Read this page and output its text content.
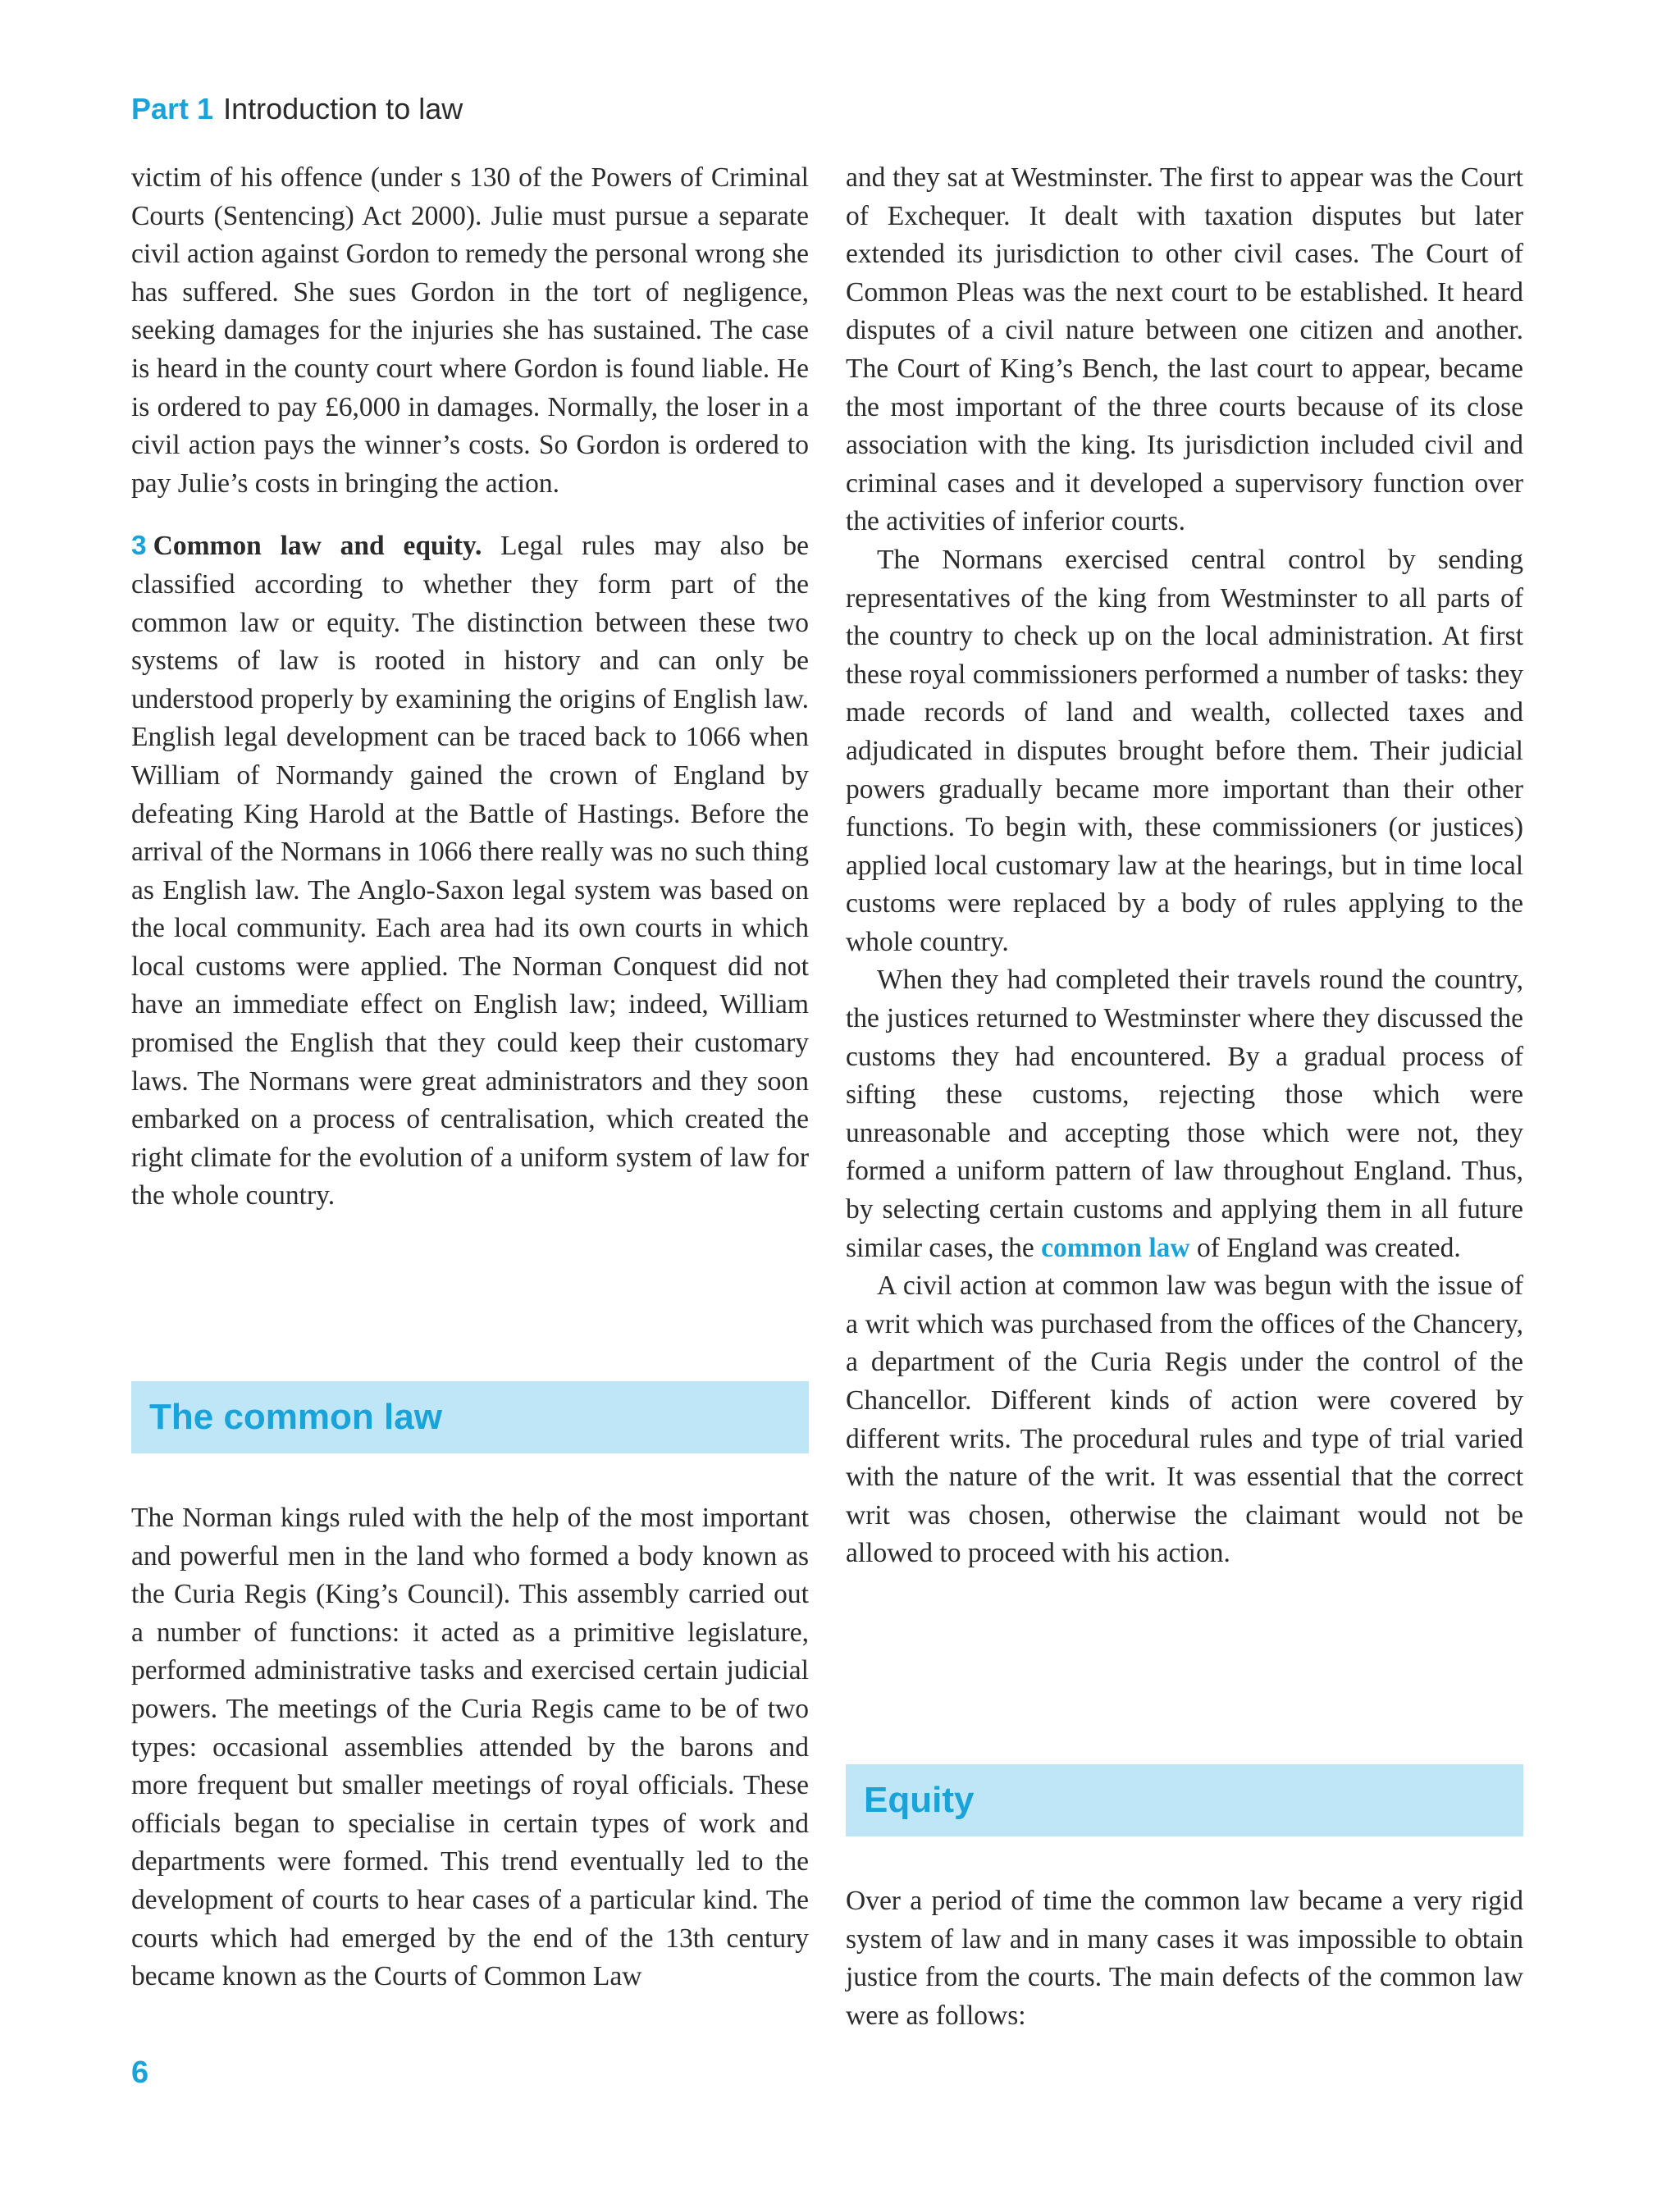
Part 1 Introduction to law

victim of his offence (under s 130 of the Powers of Criminal Courts (Sentencing) Act 2000). Julie must pursue a separate civil action against Gordon to remedy the personal wrong she has suffered. She sues Gordon in the tort of negligence, seeking damages for the injuries she has sustained. The case is heard in the county court where Gordon is found liable. He is ordered to pay £6,000 in damages. Normally, the loser in a civil action pays the winner’s costs. So Gordon is ordered to pay Julie’s costs in bringing the action.

3 Common law and equity. Legal rules may also be classified according to whether they form part of the common law or equity. The distinction between these two systems of law is rooted in history and can only be understood properly by examining the origins of English law. English legal development can be traced back to 1066 when William of Normandy gained the crown of England by defeating King Harold at the Battle of Hastings. Before the arrival of the Normans in 1066 there really was no such thing as English law. The Anglo-Saxon legal system was based on the local community. Each area had its own courts in which local customs were applied. The Norman Conquest did not have an immediate effect on English law; indeed, William promised the English that they could keep their customary laws. The Normans were great administrators and they soon embarked on a process of centralisation, which created the right climate for the evolution of a uniform system of law for the whole country.

The common law

The Norman kings ruled with the help of the most important and powerful men in the land who formed a body known as the Curia Regis (King’s Council). This assembly carried out a number of functions: it acted as a primitive legislature, performed administrative tasks and exercised certain judicial powers. The meetings of the Curia Regis came to be of two types: occasional assemblies attended by the barons and more frequent but smaller meetings of royal officials. These officials began to specialise in certain types of work and departments were formed. This trend eventually led to the development of courts to hear cases of a particular kind. The courts which had emerged by the end of the 13th century became known as the Courts of Common Law

and they sat at Westminster. The first to appear was the Court of Exchequer. It dealt with taxation disputes but later extended its jurisdiction to other civil cases. The Court of Common Pleas was the next court to be established. It heard disputes of a civil nature between one citizen and another. The Court of King’s Bench, the last court to appear, became the most important of the three courts because of its close association with the king. Its jurisdiction included civil and criminal cases and it developed a supervisory function over the activities of inferior courts.

The Normans exercised central control by sending representatives of the king from Westminster to all parts of the country to check up on the local administration. At first these royal commissioners performed a number of tasks: they made records of land and wealth, collected taxes and adjudicated in disputes brought before them. Their judicial powers gradually became more important than their other functions. To begin with, these commissioners (or justices) applied local customary law at the hearings, but in time local customs were replaced by a body of rules applying to the whole country.

When they had completed their travels round the country, the justices returned to Westminster where they discussed the customs they had encountered. By a gradual process of sifting these customs, rejecting those which were unreasonable and accepting those which were not, they formed a uniform pattern of law throughout England. Thus, by selecting certain customs and applying them in all future similar cases, the common law of England was created.

A civil action at common law was begun with the issue of a writ which was purchased from the offices of the Chancery, a department of the Curia Regis under the control of the Chancellor. Different kinds of action were covered by different writs. The procedural rules and type of trial varied with the nature of the writ. It was essential that the correct writ was chosen, otherwise the claimant would not be allowed to proceed with his action.

Equity

Over a period of time the common law became a very rigid system of law and in many cases it was impossible to obtain justice from the courts. The main defects of the common law were as follows:

6
